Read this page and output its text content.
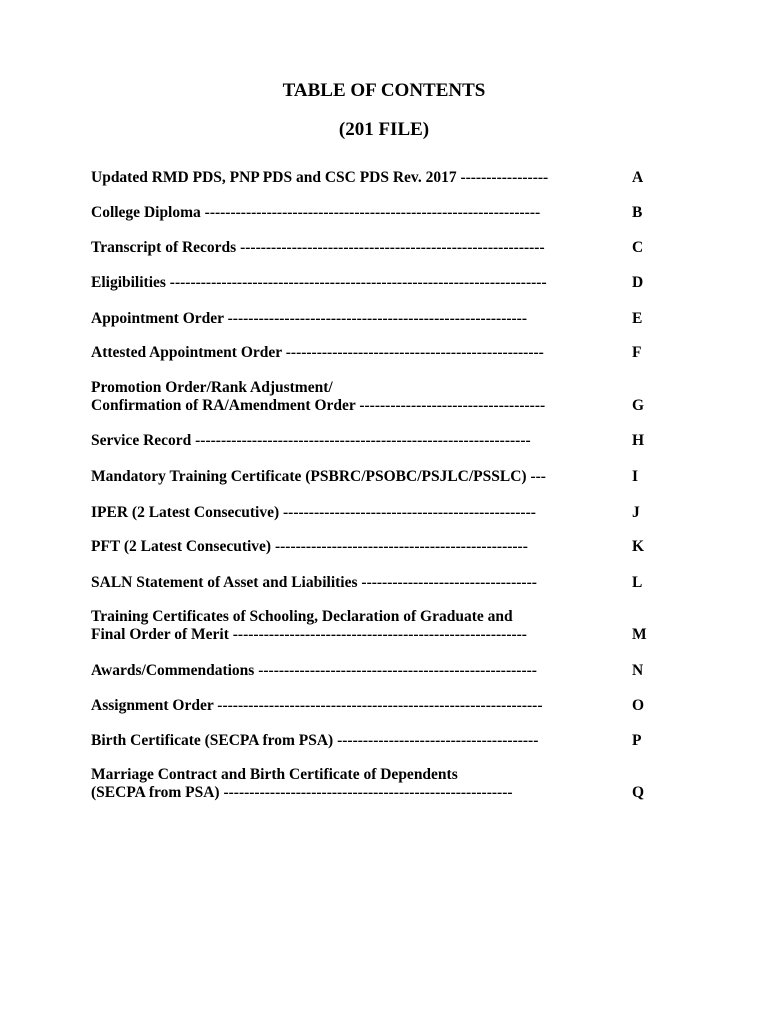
TABLE OF CONTENTS
(201 FILE)
Updated RMD PDS, PNP PDS and CSC PDS Rev. 2017 -----------------	A
College Diploma -----------------------------------------------------------------	B
Transcript of Records -----------------------------------------------------------	C
Eligibilities -------------------------------------------------------------------------	D
Appointment Order ----------------------------------------------------------	E
Attested Appointment Order --------------------------------------------------	F
Promotion Order/Rank Adjustment/
Confirmation of RA/Amendment Order ------------------------------------	G
Service Record -----------------------------------------------------------------	H
Mandatory Training Certificate (PSBRC/PSOBC/PSJLC/PSSLC) ---	I
IPER (2 Latest Consecutive) -------------------------------------------------	J
PFT (2 Latest Consecutive) -------------------------------------------------	K
SALN Statement of Asset and Liabilities ----------------------------------	L
Training Certificates of Schooling, Declaration of Graduate and
Final Order of Merit ---------------------------------------------------------	M
Awards/Commendations ------------------------------------------------------	N
Assignment Order ---------------------------------------------------------------	O
Birth Certificate (SECPA from PSA) ---------------------------------------	P
Marriage Contract and Birth Certificate of Dependents
(SECPA from PSA) --------------------------------------------------------	Q
